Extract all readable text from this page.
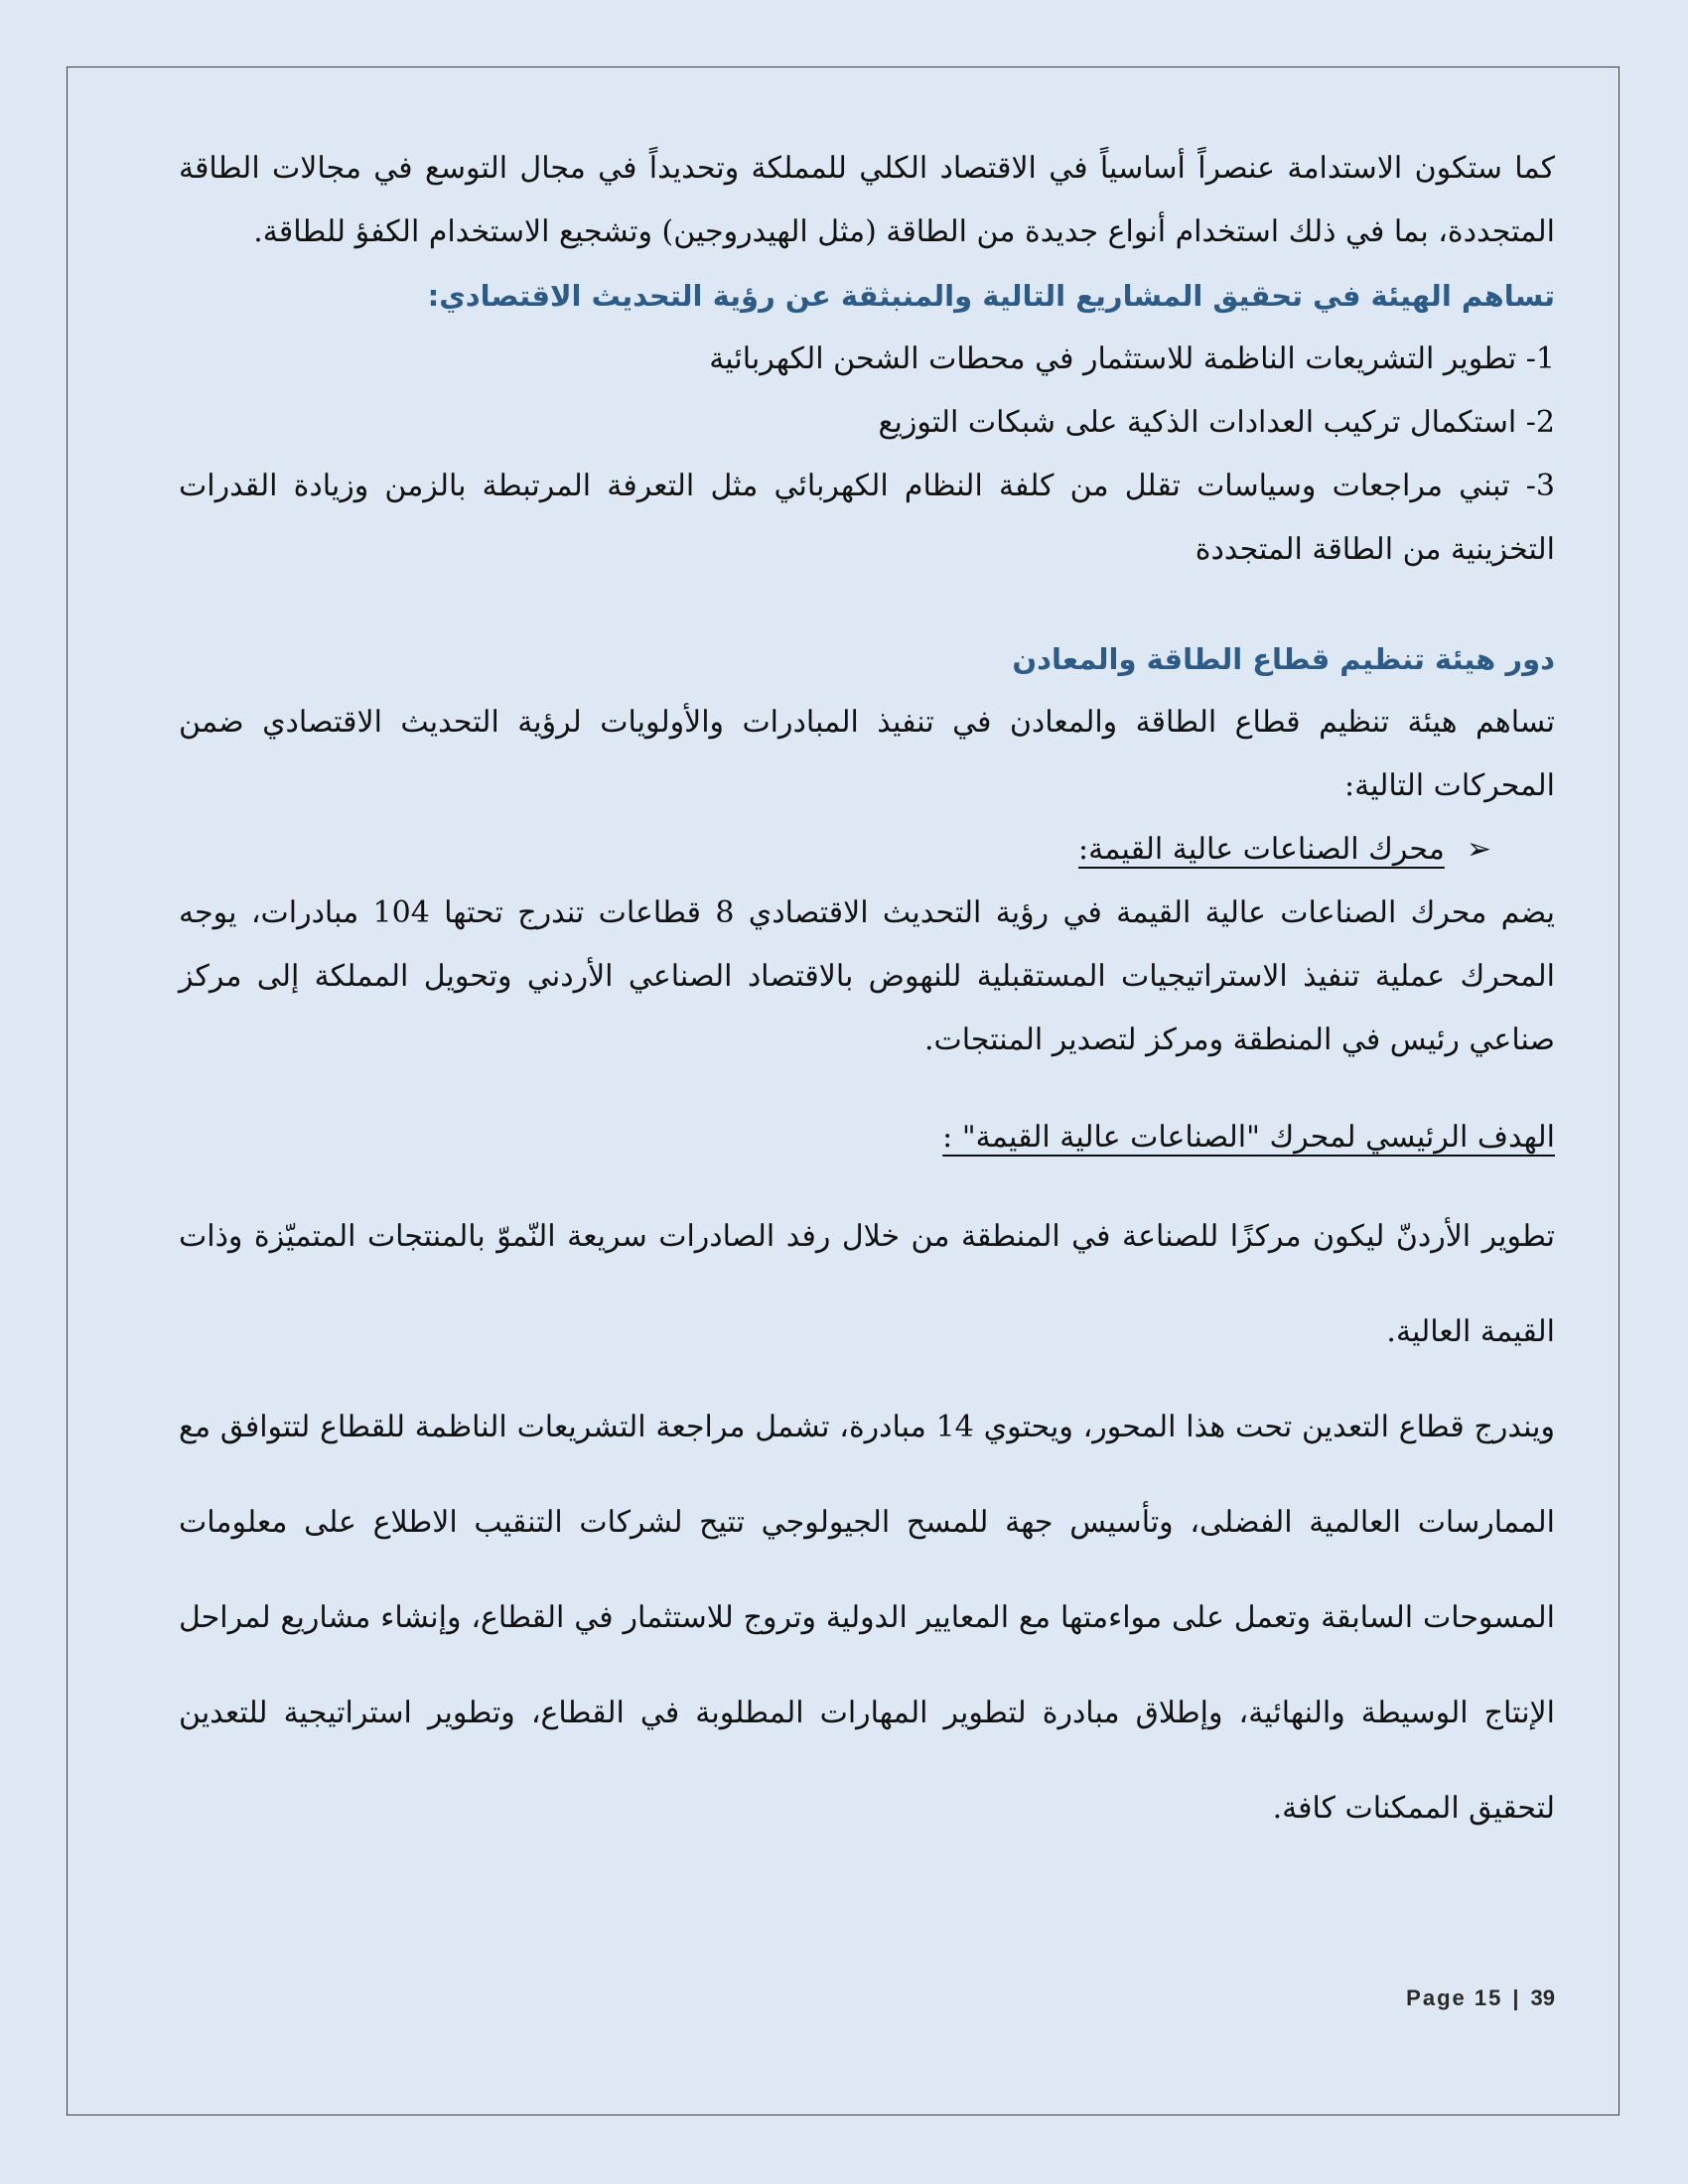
كما ستكون الاستدامة عنصراً أساسياً في الاقتصاد الكلي للمملكة وتحديداً في مجال التوسع في مجالات الطاقة المتجددة، بما في ذلك استخدام أنواع جديدة من الطاقة (مثل الهيدروجين) وتشجيع الاستخدام الكفؤ للطاقة.

تساهم الهيئة في تحقيق المشاريع التالية والمنبثقة عن رؤية التحديث الاقتصادي:

1- تطوير التشريعات الناظمة للاستثمار في محطات الشحن الكهربائية

2- استكمال تركيب العدادات الذكية على شبكات التوزيع

3- تبني مراجعات وسياسات تقلل من كلفة النظام الكهربائي مثل التعرفة المرتبطة بالزمن وزيادة القدرات التخزينية من الطاقة المتجددة

دور هيئة تنظيم قطاع الطاقة والمعادن

تساهم هيئة تنظيم قطاع الطاقة والمعادن في تنفيذ المبادرات والأولويات لرؤية التحديث الاقتصادي ضمن المحركات التالية:

➢محرك الصناعات عالية القيمة:

يضم محرك الصناعات عالية القيمة في رؤية التحديث الاقتصادي 8 قطاعات تندرج تحتها 104 مبادرات، يوجه المحرك عملية تنفيذ الاستراتيجيات المستقبلية للنهوض بالاقتصاد الصناعي الأردني وتحويل المملكة إلى مركز صناعي رئيس في المنطقة ومركز لتصدير المنتجات.

الهدف الرئيسي لمحرك "الصناعات عالية القيمة" :

تطوير الأردنّ ليكون مركزًا للصناعة في المنطقة من خلال رفد الصادرات سريعة النّموّ بالمنتجات المتميّزة وذات القيمة العالية.

ويندرج قطاع التعدين تحت هذا المحور، ويحتوي 14 مبادرة، تشمل مراجعة التشريعات الناظمة للقطاع لتتوافق مع الممارسات العالمية الفضلى، وتأسيس جهة للمسح الجيولوجي تتيح لشركات التنقيب الاطلاع على معلومات المسوحات السابقة وتعمل على مواءمتها مع المعايير الدولية وتروج للاستثمار في القطاع، وإنشاء مشاريع لمراحل الإنتاج الوسيطة والنهائية، وإطلاق مبادرة لتطوير المهارات المطلوبة في القطاع، وتطوير استراتيجية للتعدين لتحقيق الممكنات كافة.

Page 15 | 39
